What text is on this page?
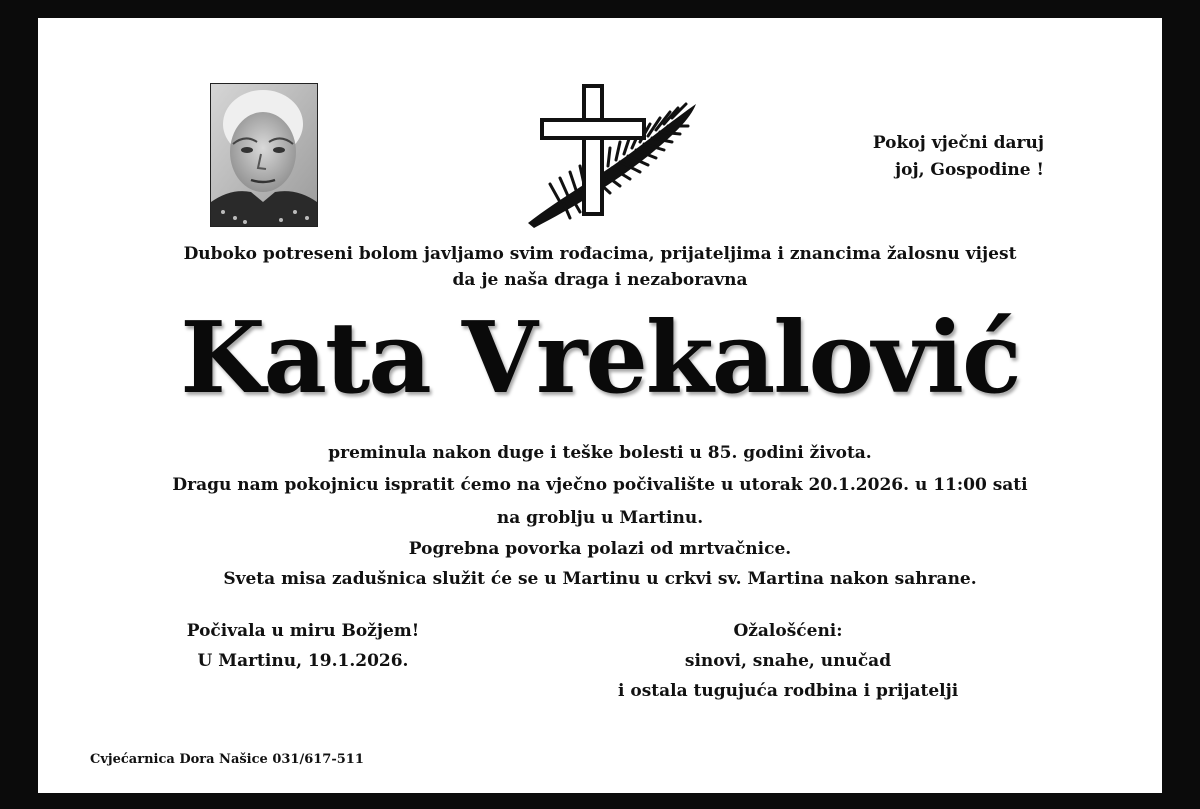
Pokoj vječni daruj
joj, Gospodine !
Duboko potreseni bolom javljamo svim rođacima, prijateljima i znancima žalosnu vijest
da je naša draga i nezaboravna
Kata Vrekalović
preminula nakon duge i teške bolesti u 85. godini života.
Dragu nam pokojnicu ispratit ćemo na vječno počivalište u utorak 20.1.2026. u 11:00 sati
na groblju u Martinu.
Pogrebna povorka polazi od mrtvačnice.
Sveta misa zadušnica služit će se u Martinu u crkvi sv. Martina nakon sahrane.
Počivala u miru Božjem!
U Martinu, 19.1.2026.
Ožalošćeni:
sinovi, snahe, unučad
i ostala tugujuća rodbina i prijatelji
Cvjećarnica Dora Našice 031/617-511
